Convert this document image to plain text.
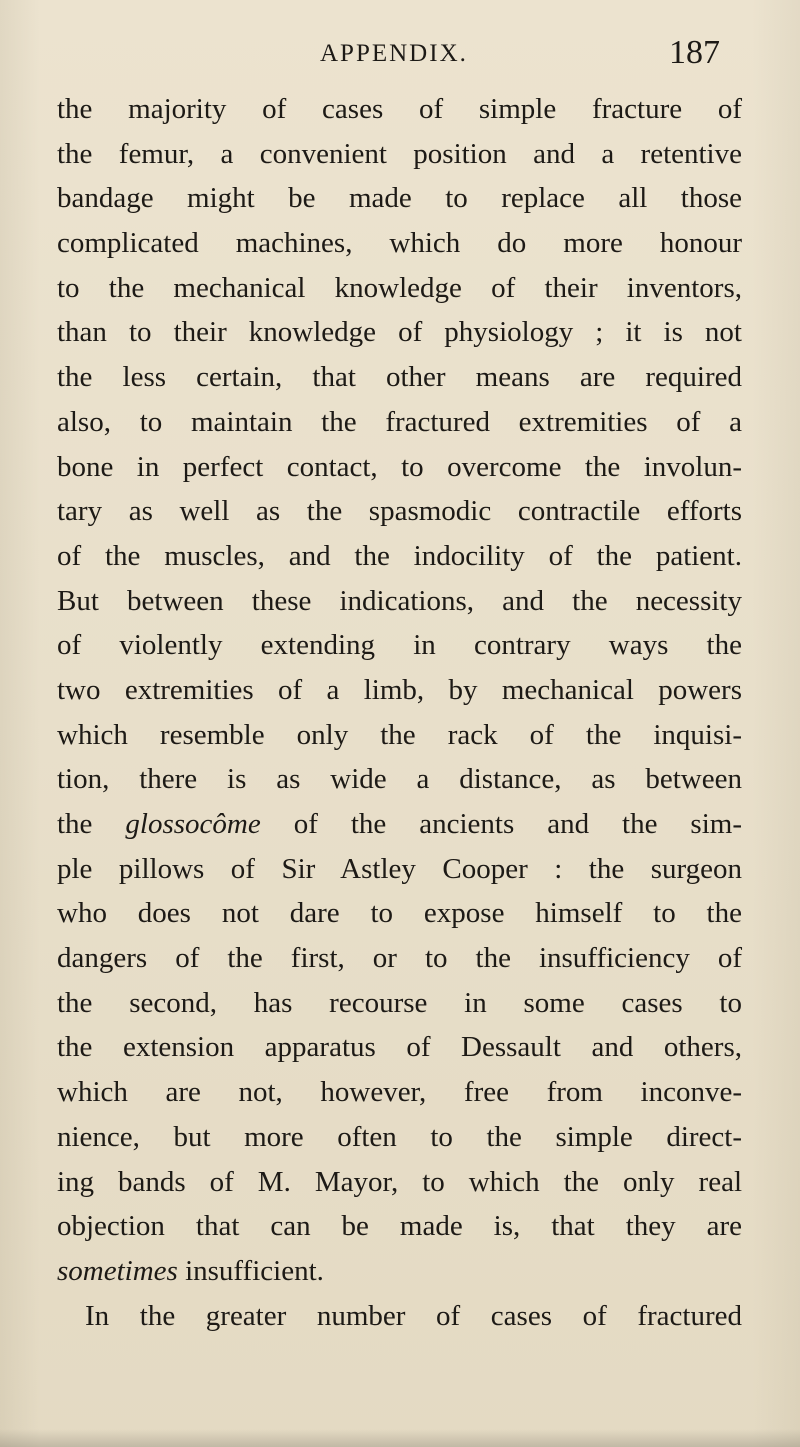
APPENDIX.	187
the majority of cases of simple fracture of
the femur, a convenient position and a retentive
bandage might be made to replace all those
complicated machines, which do more honour
to the mechanical knowledge of their inventors,
than to their knowledge of physiology ; it is not
the less certain, that other means are required
also, to maintain the fractured extremities of a
bone in perfect contact, to overcome the involun-
tary as well as the spasmodic contractile efforts
of the muscles, and the indocility of the patient.
But between these indications, and the necessity
of violently extending in contrary ways the
two extremities of a limb, by mechanical powers
which resemble only the rack of the inquisi-
tion, there is as wide a distance, as between
the glossocôme of the ancients and the sim-
ple pillows of Sir Astley Cooper : the surgeon
who does not dare to expose himself to the
dangers of the first, or to the insufficiency of
the second, has recourse in some cases to
the extension apparatus of Dessault and others,
which are not, however, free from inconve-
nience, but more often to the simple direct-
ing bands of M. Mayor, to which the only real
objection that can be made is, that they are
sometimes insufficient.
In the greater number of cases of fractured
